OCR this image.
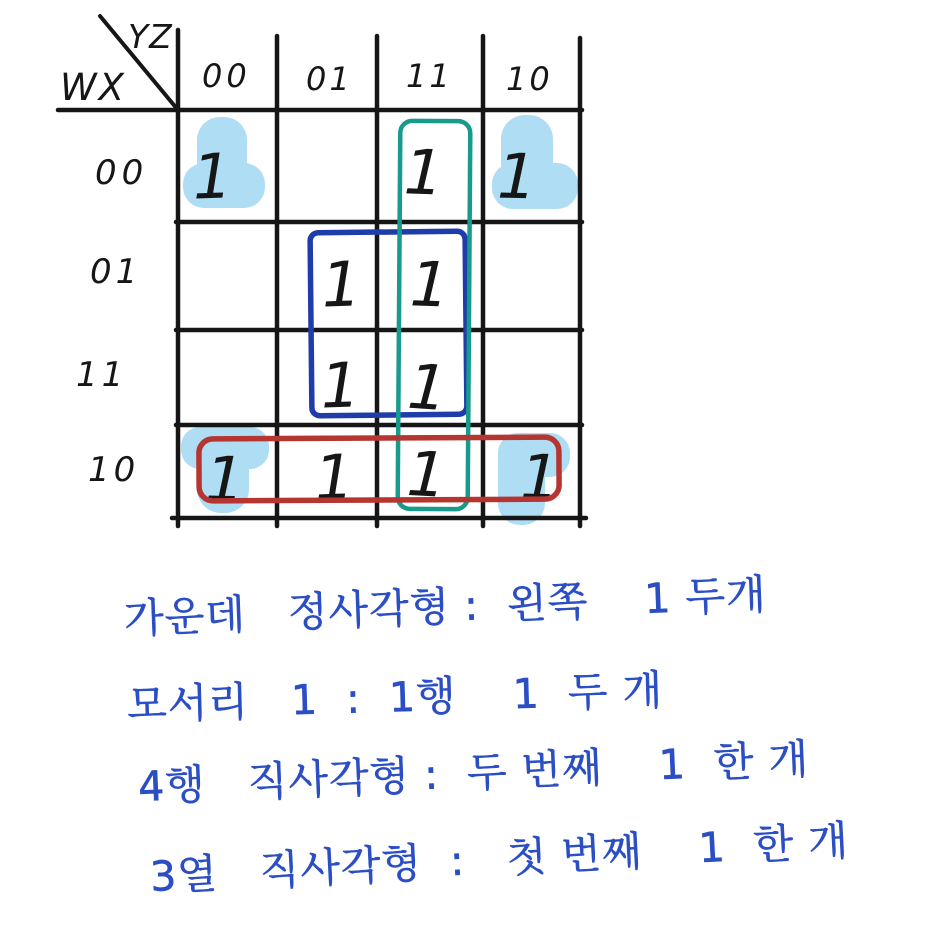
YZ
WX 00 01 11 10
00
01
11
10
1	1 1
1 1
1 1
1 1 1 1
가운데   정사각형 :  왼쪽    1 두개
모서리   1  :  1행    1  두 개
4행   직사각형 :  두 번째    1  한 개
3열   직사각형  :   첫 번째    1  한 개
